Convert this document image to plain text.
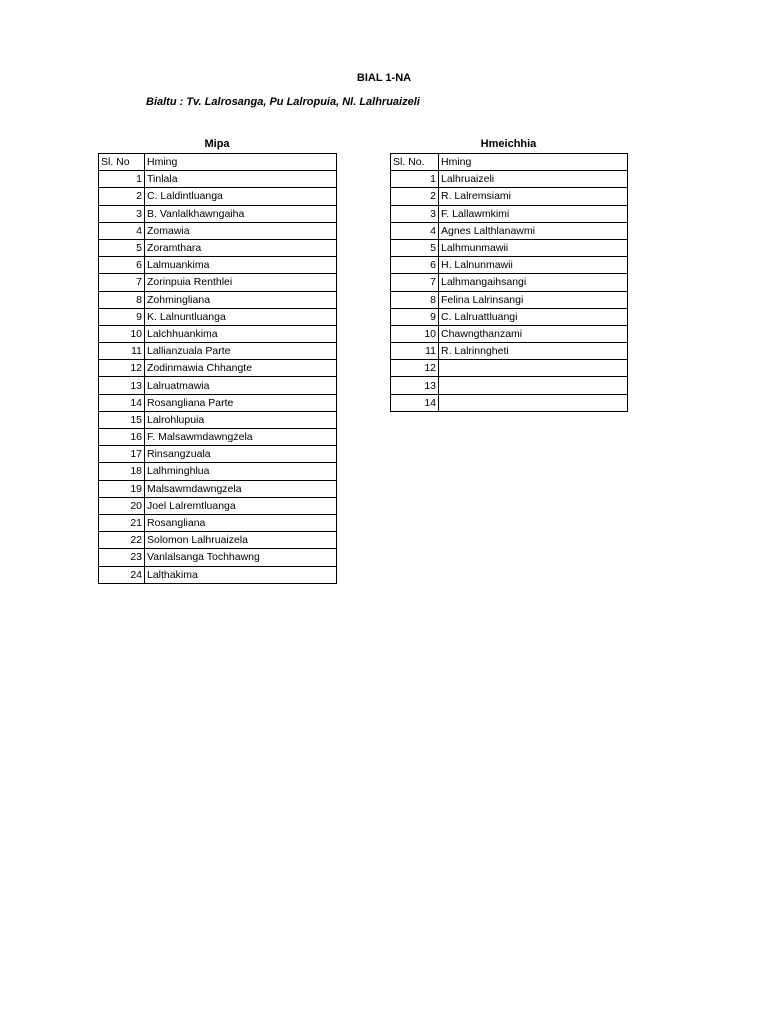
BIAL 1-NA
Bialtu : Tv. Lalrosanga, Pu Lalropuia, Nl. Lalhruaizeli
Mipa	Hmeichhia
Sl. No	Hming
1	Tinlala
2	C. Laldintluanga
3	B. Vanlalkhawngaiha
4	Zomawia
5	Zoramthara
6	Lalmuankima
7	Zorinpuia Renthlei
8	Zohmingliana
9	K. Lalnuntluanga
10	Lalchhuankima
11	Lallianzuala Parte
12	Zodinmawia Chhangte
13	Lalruatmawia
14	Rosangliana Parte
15	Lalrohlupuia
16	F. Malsawmdawngzela
17	Rinsangzuala
18	Lalhminghlua
19	Malsawmdawngzela
20	Joel Lalremtluanga
21	Rosangliana
22	Solomon Lalhruaizela
23	Vanlalsanga Tochhawng
24	Lalṭhakima
Sl. No.	Hming
1	Lalhruaizeli
2	R. Lalremsiami
3	F. Lallawmkimi
4	Agnes Lalthlanawmi
5	Lalhmunmawii
6	H. Lalnunmawii
7	Lalhmangaihsangi
8	Felina Lalrinsangi
9	C. Lalruattluangi
10	Chawngthanzami
11	R. Lalrinngheti
12	
13	
14	
